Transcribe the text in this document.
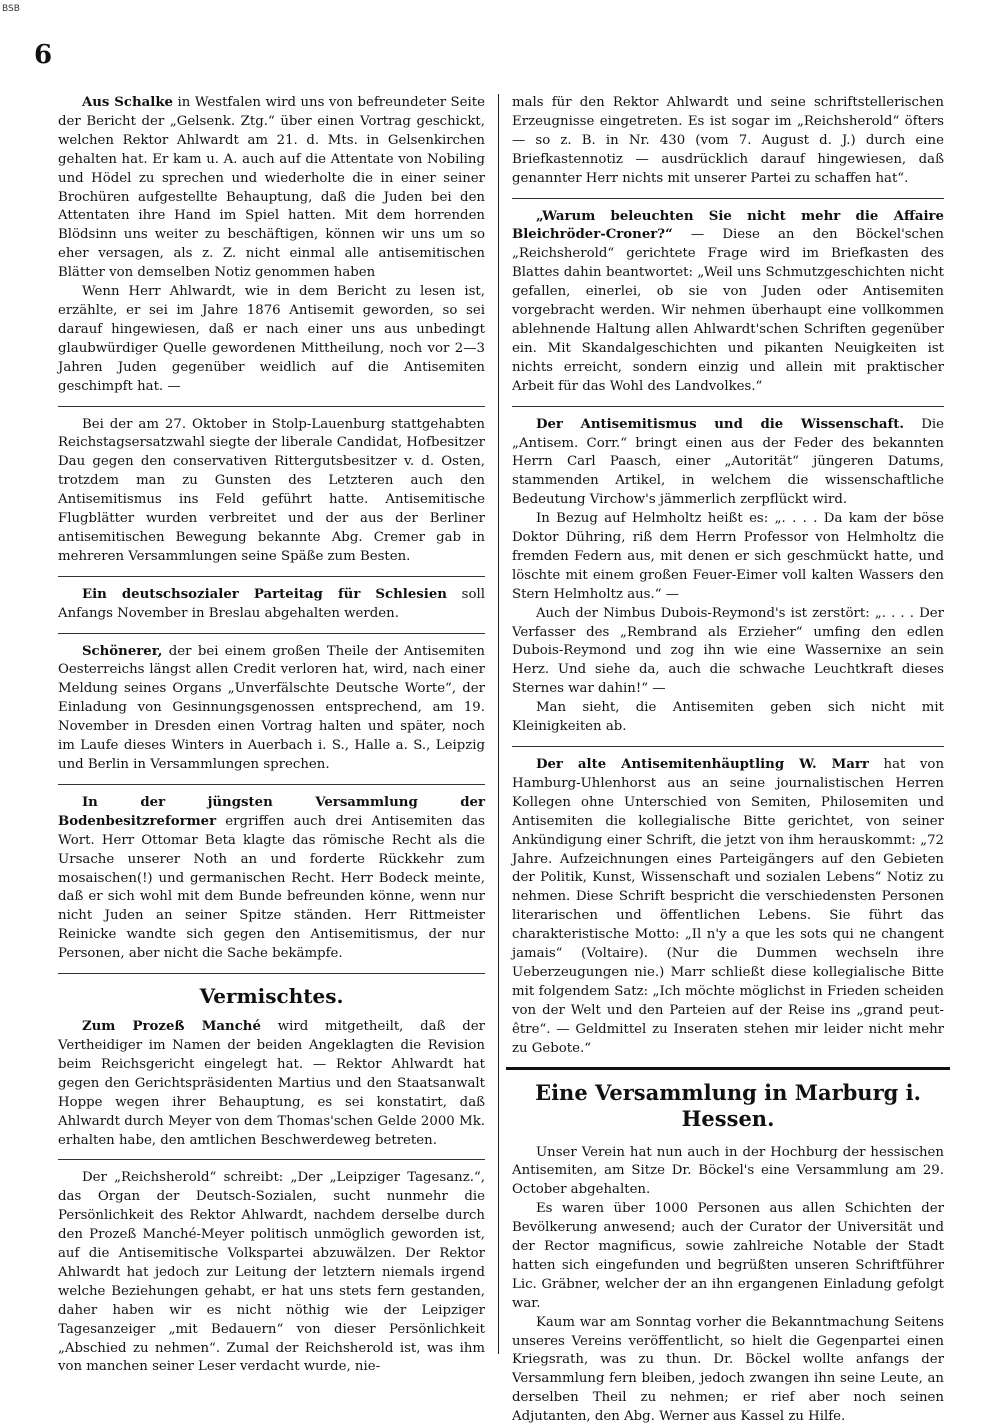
BSB
6

Aus Schalke in Westfalen wird uns von befreundeter Seite der Bericht der „Gelsenk. Ztg.“ über einen Vortrag geschickt, welchen Rektor Ahlwardt am 21. d. Mts. in Gelsenkirchen gehalten hat. Er kam u. A. auch auf die Attentate von Nobiling und Hödel zu sprechen und wiederholte die in einer seiner Brochüren aufgestellte Behauptung, daß die Juden bei den Attentaten ihre Hand im Spiel hatten. Mit dem horrenden Blödsinn uns weiter zu beschäftigen, können wir uns um so eher versagen, als z. Z. nicht einmal alle antisemitischen Blätter von demselben Notiz genommen haben

Wenn Herr Ahlwardt, wie in dem Bericht zu lesen ist, erzählte, er sei im Jahre 1876 Antisemit geworden, so sei darauf hingewiesen, daß er nach einer uns aus unbedingt glaubwürdiger Quelle gewordenen Mittheilung, noch vor 2—3 Jahren Juden gegenüber weidlich auf die Antisemiten geschimpft hat. —

Bei der am 27. Oktober in Stolp-Lauenburg stattgehabten Reichstagsersatzwahl siegte der liberale Candidat, Hofbesitzer Dau gegen den conservativen Rittergutsbesitzer v. d. Osten, trotzdem man zu Gunsten des Letzteren auch den Antisemitismus ins Feld geführt hatte. Antisemitische Flugblätter wurden verbreitet und der aus der Berliner antisemitischen Bewegung bekannte Abg. Cremer gab in mehreren Versammlungen seine Späße zum Besten.

Ein deutschsozialer Parteitag für Schlesien soll Anfangs November in Breslau abgehalten werden.

Schönerer, der bei einem großen Theile der Antisemiten Oesterreichs längst allen Credit verloren hat, wird, nach einer Meldung seines Organs „Unverfälschte Deutsche Worte“, der Einladung von Gesinnungsgenossen entsprechend, am 19. November in Dresden einen Vortrag halten und später, noch im Laufe dieses Winters in Auerbach i. S., Halle a. S., Leipzig und Berlin in Versammlungen sprechen.

In der jüngsten Versammlung der Bodenbesitzreformer ergriffen auch drei Antisemiten das Wort. Herr Ottomar Beta klagte das römische Recht als die Ursache unserer Noth an und forderte Rückkehr zum mosaischen(!) und germanischen Recht. Herr Bodeck meinte, daß er sich wohl mit dem Bunde befreunden könne, wenn nur nicht Juden an seiner Spitze ständen. Herr Rittmeister Reinicke wandte sich gegen den Antisemitismus, der nur Personen, aber nicht die Sache bekämpfe.

Vermischtes.

Zum Prozeß Manché wird mitgetheilt, daß der Vertheidiger im Namen der beiden Angeklagten die Revision beim Reichsgericht eingelegt hat. — Rektor Ahlwardt hat gegen den Gerichtspräsidenten Martius und den Staatsanwalt Hoppe wegen ihrer Behauptung, es sei konstatirt, daß Ahlwardt durch Meyer von dem Thomas'schen Gelde 2000 Mk. erhalten habe, den amtlichen Beschwerdeweg betreten.

Der „Reichsherold“ schreibt: „Der „Leipziger Tagesanz.“, das Organ der Deutsch-Sozialen, sucht nunmehr die Persönlichkeit des Rektor Ahlwardt, nachdem derselbe durch den Prozeß Manché-Meyer politisch unmöglich geworden ist, auf die Antisemitische Volkspartei abzuwälzen. Der Rektor Ahlwardt hat jedoch zur Leitung der letztern niemals irgend welche Beziehungen gehabt, er hat uns stets fern gestanden, daher haben wir es nicht nöthig wie der Leipziger Tagesanzeiger „mit Bedauern“ von dieser Persönlichkeit „Abschied zu nehmen“. Zumal der Reichsherold ist, was ihm von manchen seiner Leser verdacht wurde, nie-

mals für den Rektor Ahlwardt und seine schriftstellerischen Erzeugnisse eingetreten. Es ist sogar im „Reichsherold“ öfters — so z. B. in Nr. 430 (vom 7. August d. J.) durch eine Briefkastennotiz — ausdrücklich darauf hingewiesen, daß genannter Herr nichts mit unserer Partei zu schaffen hat“.

„Warum beleuchten Sie nicht mehr die Affaire Bleichröder-Croner?“ — Diese an den Böckel'schen „Reichsherold“ gerichtete Frage wird im Briefkasten des Blattes dahin beantwortet: „Weil uns Schmutzgeschichten nicht gefallen, einerlei, ob sie von Juden oder Antisemiten vorgebracht werden. Wir nehmen überhaupt eine vollkommen ablehnende Haltung allen Ahlwardt'schen Schriften gegenüber ein. Mit Skandalgeschichten und pikanten Neuigkeiten ist nichts erreicht, sondern einzig und allein mit praktischer Arbeit für das Wohl des Landvolkes.“

Der Antisemitismus und die Wissenschaft. Die „Antisem. Corr.“ bringt einen aus der Feder des bekannten Herrn Carl Paasch, einer „Autorität“ jüngeren Datums, stammenden Artikel, in welchem die wissenschaftliche Bedeutung Virchow's jämmerlich zerpflückt wird.

In Bezug auf Helmholtz heißt es: „. . . . Da kam der böse Doktor Dühring, riß dem Herrn Professor von Helmholtz die fremden Federn aus, mit denen er sich geschmückt hatte, und löschte mit einem großen Feuer-Eimer voll kalten Wassers den Stern Helmholtz aus.“ —

Auch der Nimbus Dubois-Reymond's ist zerstört: „. . . . Der Verfasser des „Rembrand als Erzieher“ umfing den edlen Dubois-Reymond und zog ihn wie eine Wassernixe an sein Herz. Und siehe da, auch die schwache Leuchtkraft dieses Sternes war dahin!“ —

Man sieht, die Antisemiten geben sich nicht mit Kleinigkeiten ab.

Der alte Antisemitenhäuptling W. Marr hat von Hamburg-Uhlenhorst aus an seine journalistischen Herren Kollegen ohne Unterschied von Semiten, Philosemiten und Antisemiten die kollegialische Bitte gerichtet, von seiner Ankündigung einer Schrift, die jetzt von ihm herauskommt: „72 Jahre. Aufzeichnungen eines Parteigängers auf den Gebieten der Politik, Kunst, Wissenschaft und sozialen Lebens“ Notiz zu nehmen. Diese Schrift bespricht die verschiedensten Personen literarischen und öffentlichen Lebens. Sie führt das charakteristische Motto: „Il n'y a que les sots qui ne changent jamais“ (Voltaire). (Nur die Dummen wechseln ihre Ueberzeugungen nie.) Marr schließt diese kollegialische Bitte mit folgendem Satz: „Ich möchte möglichst in Frieden scheiden von der Welt und den Parteien auf der Reise ins „grand peut-être“. — Geldmittel zu Inseraten stehen mir leider nicht mehr zu Gebote.“

Eine Versammlung in Marburg i. Hessen.

Unser Verein hat nun auch in der Hochburg der hessischen Antisemiten, am Sitze Dr. Böckel's eine Versammlung am 29. October abgehalten.

Es waren über 1000 Personen aus allen Schichten der Bevölkerung anwesend; auch der Curator der Universität und der Rector magnificus, sowie zahlreiche Notable der Stadt hatten sich eingefunden und begrüßten unseren Schriftführer Lic. Gräbner, welcher der an ihn ergangenen Einladung gefolgt war.

Kaum war am Sonntag vorher die Bekanntmachung Seitens unseres Vereins veröffentlicht, so hielt die Gegenpartei einen Kriegsrath, was zu thun. Dr. Böckel wollte anfangs der Versammlung fern bleiben, jedoch zwangen ihn seine Leute, an derselben Theil zu nehmen; er rief aber noch seinen Adjutanten, den Abg. Werner aus Kassel zu Hilfe.
